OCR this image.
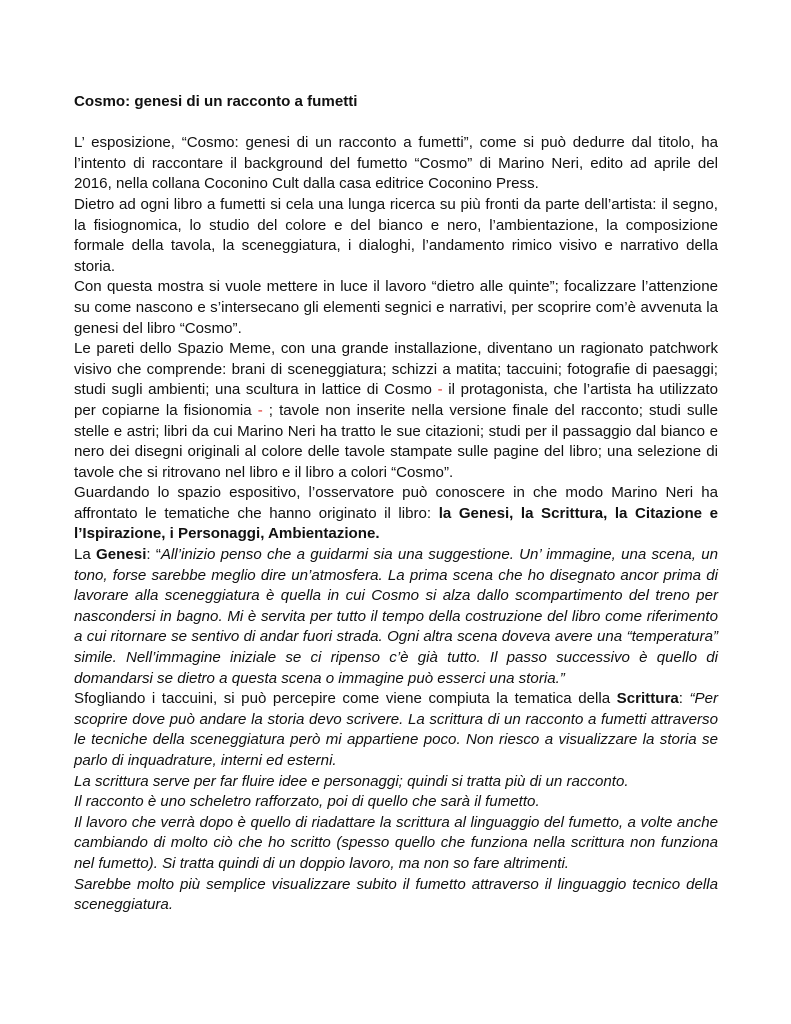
Cosmo: genesi di un racconto a fumetti

L’ esposizione, “Cosmo: genesi di un racconto a fumetti”, come si può dedurre dal titolo, ha l’intento di raccontare il background del fumetto “Cosmo” di Marino Neri, edito ad aprile del 2016, nella collana Coconino Cult dalla casa editrice Coconino Press.

Dietro ad ogni libro a fumetti si cela una lunga ricerca su più fronti da parte dell’artista: il segno, la fisiognomica, lo studio del colore e del bianco e nero, l’ambientazione, la composizione formale della tavola, la sceneggiatura, i dialoghi, l’andamento rimico visivo e narrativo della storia.

Con questa mostra si vuole mettere in luce il lavoro “dietro alle quinte”; focalizzare l’attenzione su come nascono e s’intersecano gli elementi segnici e narrativi, per scoprire com’è avvenuta la genesi del libro “Cosmo”.

Le pareti dello Spazio Meme, con una grande installazione, diventano un ragionato patchwork visivo che comprende: brani di sceneggiatura; schizzi a matita; taccuini; fotografie di paesaggi; studi sugli ambienti; una scultura in lattice di Cosmo - il protagonista, che l’artista ha utilizzato per copiarne la fisionomia - ; tavole non inserite nella versione finale del racconto; studi sulle stelle e astri; libri da cui Marino Neri ha tratto le sue citazioni; studi per il passaggio dal bianco e nero dei disegni originali al colore delle tavole stampate sulle pagine del libro; una selezione di tavole che si ritrovano nel libro e il libro a colori “Cosmo”.

Guardando lo spazio espositivo, l’osservatore può conoscere in che modo Marino Neri ha affrontato le tematiche che hanno originato il libro: la Genesi, la Scrittura, la Citazione e l’Ispirazione, i Personaggi, Ambientazione.

La Genesi: “All’inizio penso che a guidarmi sia una suggestione. Un’ immagine, una scena, un tono, forse sarebbe meglio dire un’atmosfera. La prima scena che ho disegnato ancor prima di lavorare alla sceneggiatura è quella in cui Cosmo si alza dallo scompartimento del treno per nascondersi in bagno. Mi è servita per tutto il tempo della costruzione del libro come riferimento a cui ritornare se sentivo di andar fuori strada. Ogni altra scena doveva avere una “temperatura” simile. Nell’immagine iniziale se ci ripenso c’è già tutto. Il passo successivo è quello di domandarsi se dietro a questa scena o immagine può esserci una storia.”

Sfogliando i taccuini, si può percepire come viene compiuta la tematica della Scrittura: “Per scoprire dove può andare la storia devo scrivere. La scrittura di un racconto a fumetti attraverso le tecniche della sceneggiatura però mi appartiene poco. Non riesco a visualizzare la storia se parlo di inquadrature, interni ed esterni.

La scrittura serve per far fluire idee e personaggi; quindi si tratta più di un racconto.

Il racconto è uno scheletro rafforzato, poi di quello che sarà il fumetto.

Il lavoro che verrà dopo è quello di riadattare la scrittura al linguaggio del fumetto, a volte anche cambiando di molto ciò che ho scritto (spesso quello che funziona nella scrittura non funziona nel fumetto). Si tratta quindi di un doppio lavoro, ma non so fare altrimenti.

Sarebbe molto più semplice visualizzare subito il fumetto attraverso il linguaggio tecnico della sceneggiatura.
